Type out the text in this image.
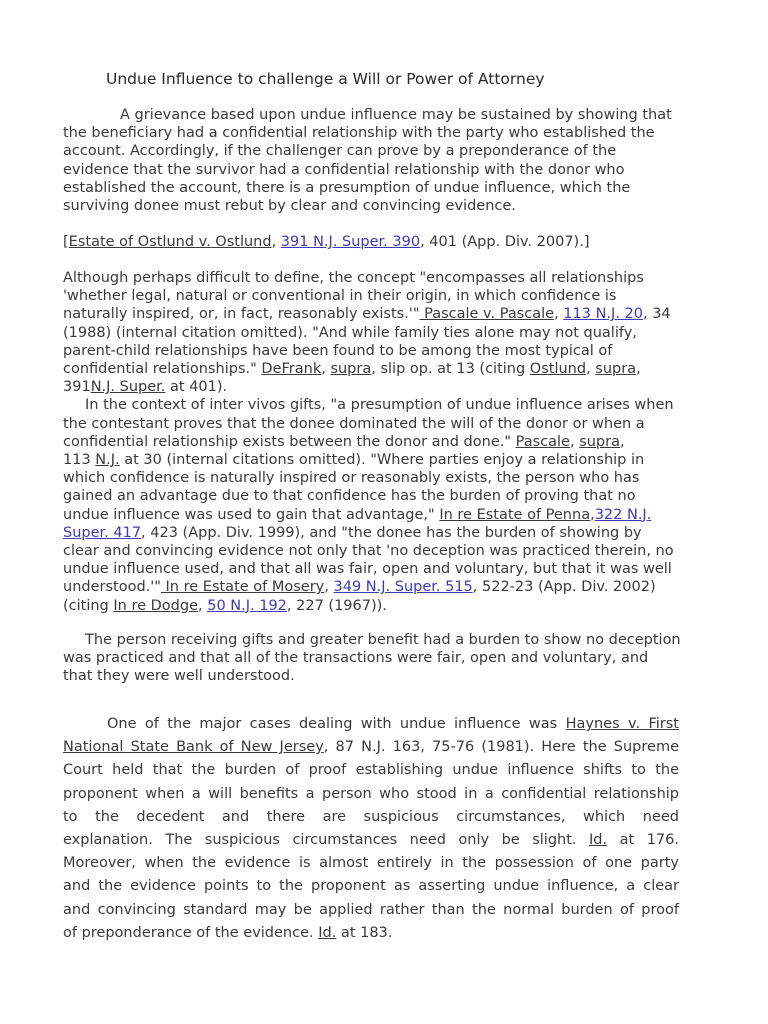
Undue Influence to challenge a Will or Power of Attorney
A grievance based upon undue influence may be sustained by showing that
the beneficiary had a confidential relationship with the party who established the
account. Accordingly, if the challenger can prove by a preponderance of the
evidence that the survivor had a confidential relationship with the donor who
established the account, there is a presumption of undue influence, which the
surviving donee must rebut by clear and convincing evidence.
[Estate of Ostlund v. Ostlund, 391 N.J. Super. 390, 401 (App. Div. 2007).]
Although perhaps difficult to define, the concept "encompasses all relationships
'whether legal, natural or conventional in their origin, in which confidence is
naturally inspired, or, in fact, reasonably exists.'" Pascale v. Pascale, 113 N.J. 20, 34
(1988) (internal citation omitted). "And while family ties alone may not qualify,
parent-child relationships have been found to be among the most typical of
confidential relationships." DeFrank, supra, slip op. at 13 (citing Ostlund, supra,
391N.J. Super. at 401).
In the context of inter vivos gifts, "a presumption of undue influence arises when
the contestant proves that the donee dominated the will of the donor or when a
confidential relationship exists between the donor and done." Pascale, supra,
113 N.J. at 30 (internal citations omitted). "Where parties enjoy a relationship in
which confidence is naturally inspired or reasonably exists, the person who has
gained an advantage due to that confidence has the burden of proving that no
undue influence was used to gain that advantage," In re Estate of Penna,322 N.J.
Super. 417, 423 (App. Div. 1999), and "the donee has the burden of showing by
clear and convincing evidence not only that 'no deception was practiced therein, no
undue influence used, and that all was fair, open and voluntary, but that it was well
understood.'" In re Estate of Mosery, 349 N.J. Super. 515, 522-23 (App. Div. 2002)
(citing In re Dodge, 50 N.J. 192, 227 (1967)).
The person receiving gifts and greater benefit had a burden to show no deception
was practiced and that all of the transactions were fair, open and voluntary, and
that they were well understood.
One of the major cases dealing with undue influence was Haynes v. First
National State Bank of New Jersey, 87 N.J. 163, 75-76 (1981). Here the Supreme
Court held that the burden of proof establishing undue influence shifts to the
proponent when a will benefits a person who stood in a confidential relationship
to the decedent and there are suspicious circumstances, which need
explanation. The suspicious circumstances need only be slight. Id. at 176.
Moreover, when the evidence is almost entirely in the possession of one party
and the evidence points to the proponent as asserting undue influence, a clear
and convincing standard may be applied rather than the normal burden of proof
of preponderance of the evidence. Id. at 183.
